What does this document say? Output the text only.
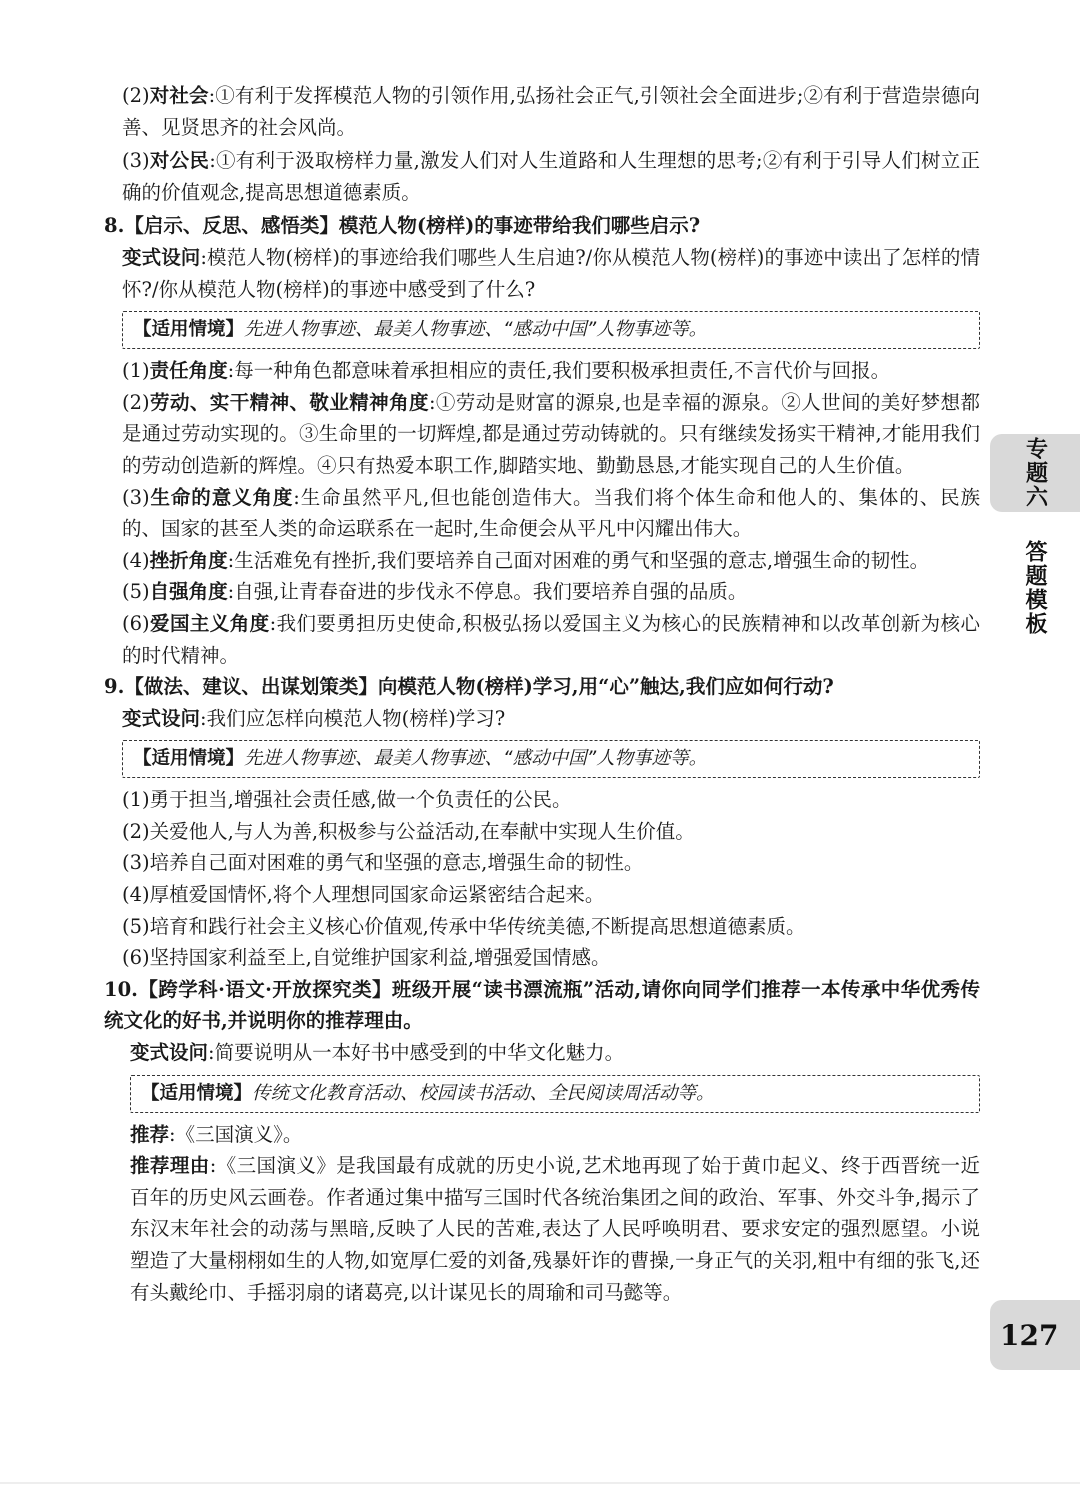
(2)对社会:①有利于发挥模范人物的引领作用,弘扬社会正气,引领社会全面进步;②有利于营造崇德向善、见贤思齐的社会风尚。

(3)对公民:①有利于汲取榜样力量,激发人们对人生道路和人生理想的思考;②有利于引导人们树立正确的价值观念,提高思想道德素质。

8.【启示、反思、感悟类】模范人物(榜样)的事迹带给我们哪些启示?

变式设问:模范人物(榜样)的事迹给我们哪些人生启迪?/你从模范人物(榜样)的事迹中读出了怎样的情怀?/你从模范人物(榜样)的事迹中感受到了什么?

【适用情境】先进人物事迹、最美人物事迹、“感动中国”人物事迹等。

(1)责任角度:每一种角色都意味着承担相应的责任,我们要积极承担责任,不言代价与回报。

(2)劳动、实干精神、敬业精神角度:①劳动是财富的源泉,也是幸福的源泉。②人世间的美好梦想都是通过劳动实现的。③生命里的一切辉煌,都是通过劳动铸就的。只有继续发扬实干精神,才能用我们的劳动创造新的辉煌。④只有热爱本职工作,脚踏实地、勤勤恳恳,才能实现自己的人生价值。

(3)生命的意义角度:生命虽然平凡,但也能创造伟大。当我们将个体生命和他人的、集体的、民族的、国家的甚至人类的命运联系在一起时,生命便会从平凡中闪耀出伟大。

(4)挫折角度:生活难免有挫折,我们要培养自己面对困难的勇气和坚强的意志,增强生命的韧性。

(5)自强角度:自强,让青春奋进的步伐永不停息。我们要培养自强的品质。

(6)爱国主义角度:我们要勇担历史使命,积极弘扬以爱国主义为核心的民族精神和以改革创新为核心的时代精神。

9.【做法、建议、出谋划策类】向模范人物(榜样)学习,用“心”触达,我们应如何行动?

变式设问:我们应怎样向模范人物(榜样)学习?

【适用情境】先进人物事迹、最美人物事迹、“感动中国”人物事迹等。

(1)勇于担当,增强社会责任感,做一个负责任的公民。

(2)关爱他人,与人为善,积极参与公益活动,在奉献中实现人生价值。

(3)培养自己面对困难的勇气和坚强的意志,增强生命的韧性。

(4)厚植爱国情怀,将个人理想同国家命运紧密结合起来。

(5)培育和践行社会主义核心价值观,传承中华传统美德,不断提高思想道德素质。

(6)坚持国家利益至上,自觉维护国家利益,增强爱国情感。

10.【跨学科·语文·开放探究类】班级开展“读书漂流瓶”活动,请你向同学们推荐一本传承中华优秀传统文化的好书,并说明你的推荐理由。

变式设问:简要说明从一本好书中感受到的中华文化魅力。

【适用情境】传统文化教育活动、校园读书活动、全民阅读周活动等。

推荐:《三国演义》。

推荐理由:《三国演义》是我国最有成就的历史小说,艺术地再现了始于黄巾起义、终于西晋统一近百年的历史风云画卷。作者通过集中描写三国时代各统治集团之间的政治、军事、外交斗争,揭示了东汉末年社会的动荡与黑暗,反映了人民的苦难,表达了人民呼唤明君、要求安定的强烈愿望。小说塑造了大量栩栩如生的人物,如宽厚仁爱的刘备,残暴奸诈的曹操,一身正气的关羽,粗中有细的张飞,还有头戴纶巾、手摇羽扇的诸葛亮,以计谋见长的周瑜和司马懿等。

专题六
答题模板
127
